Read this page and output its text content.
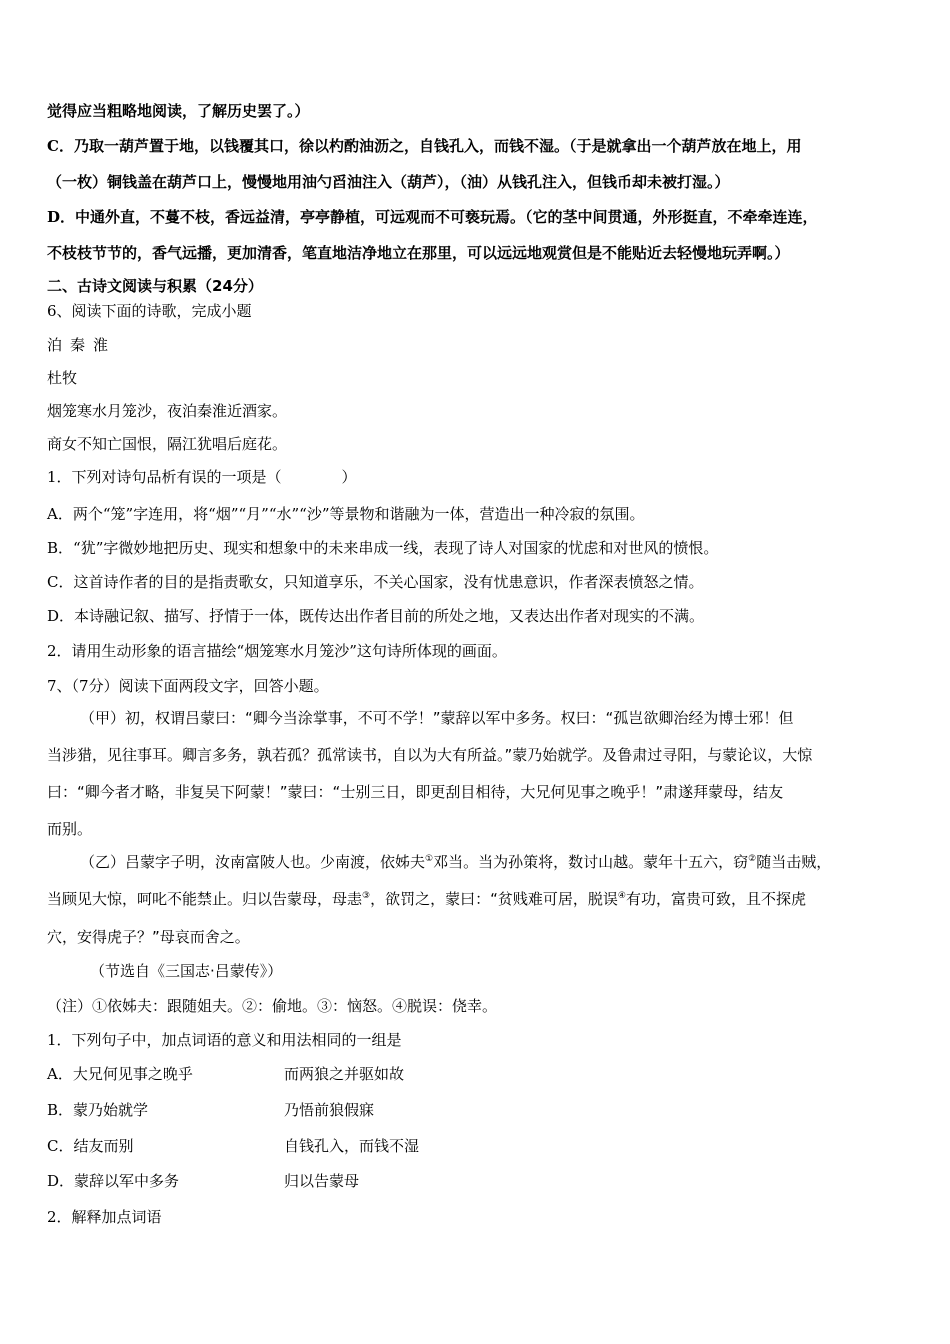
觉得应当粗略地阅读，了解历史罢了。）
C．乃取一葫芦置于地，以钱覆其口，徐以杓酌油沥之，自钱孔入，而钱不湿。（于是就拿出一个葫芦放在地上，用
（一枚）铜钱盖在葫芦口上，慢慢地用油勺舀油注入（葫芦），（油）从钱孔注入，但钱币却未被打湿。）
D．中通外直，不蔓不枝，香远益清，亭亭静植，可远观而不可亵玩焉。（它的茎中间贯通，外形挺直，不牵牵连连，
不枝枝节节的，香气远播，更加清香，笔直地洁净地立在那里，可以远远地观赏但是不能贴近去轻慢地玩弄啊。）
二、古诗文阅读与积累（24分）
6、阅读下面的诗歌，完成小题
泊秦淮
杜牧
烟笼寒水月笼沙，夜泊秦淮近酒家。
商女不知亡国恨，隔江犹唱后庭花。
1．下列对诗句品析有误的一项是（　　　　）
A．两个“笼”字连用，将“烟”“月”“水”“沙”等景物和谐融为一体，营造出一种冷寂的氛围。
B．“犹”字微妙地把历史、现实和想象中的未来串成一线，表现了诗人对国家的忧虑和对世风的愤恨。
C．这首诗作者的目的是指责歌女，只知道享乐，不关心国家，没有忧患意识，作者深表愤怒之情。
D．本诗融记叙、描写、抒情于一体，既传达出作者目前的所处之地，又表达出作者对现实的不满。
2．请用生动形象的语言描绘“烟笼寒水月笼沙”这句诗所体现的画面。
7、（7分）阅读下面两段文字，回答小题。
（甲）初，权谓吕蒙曰：“卿今当涂掌事，不可不学！”蒙辞以军中多务。权曰：“孤岂欲卿治经为博士邪！但
当涉猎，见往事耳。卿言多务，孰若孤？孤常读书，自以为大有所益。”蒙乃始就学。及鲁肃过寻阳，与蒙论议，大惊
曰：“卿今者才略，非复吴下阿蒙！”蒙曰：“士别三日，即更刮目相待，大兄何见事之晚乎！”肃遂拜蒙母，结友
而别。
（乙）吕蒙字子明，汝南富陂人也。少南渡，依姊夫①邓当。当为孙策将，数讨山越。蒙年十五六，窃②随当击贼，
当顾见大惊，呵叱不能禁止。归以告蒙母，母恚③，欲罚之，蒙曰：“贫贱难可居，脱误④有功，富贵可致，且不探虎
穴，安得虎子？”母哀而舍之。
（节选自《三国志·吕蒙传》）
（注）①依姊夫：跟随姐夫。②：偷地。③：恼怒。④脱误：侥幸。
1．下列句子中，加点词语的意义和用法相同的一组是
A．大兄何见事之晚乎	而两狼之并驱如故
B．蒙乃始就学	乃悟前狼假寐
C．结友而别	自钱孔入，而钱不湿
D．蒙辞以军中多务	归以告蒙母
2．解释加点词语
